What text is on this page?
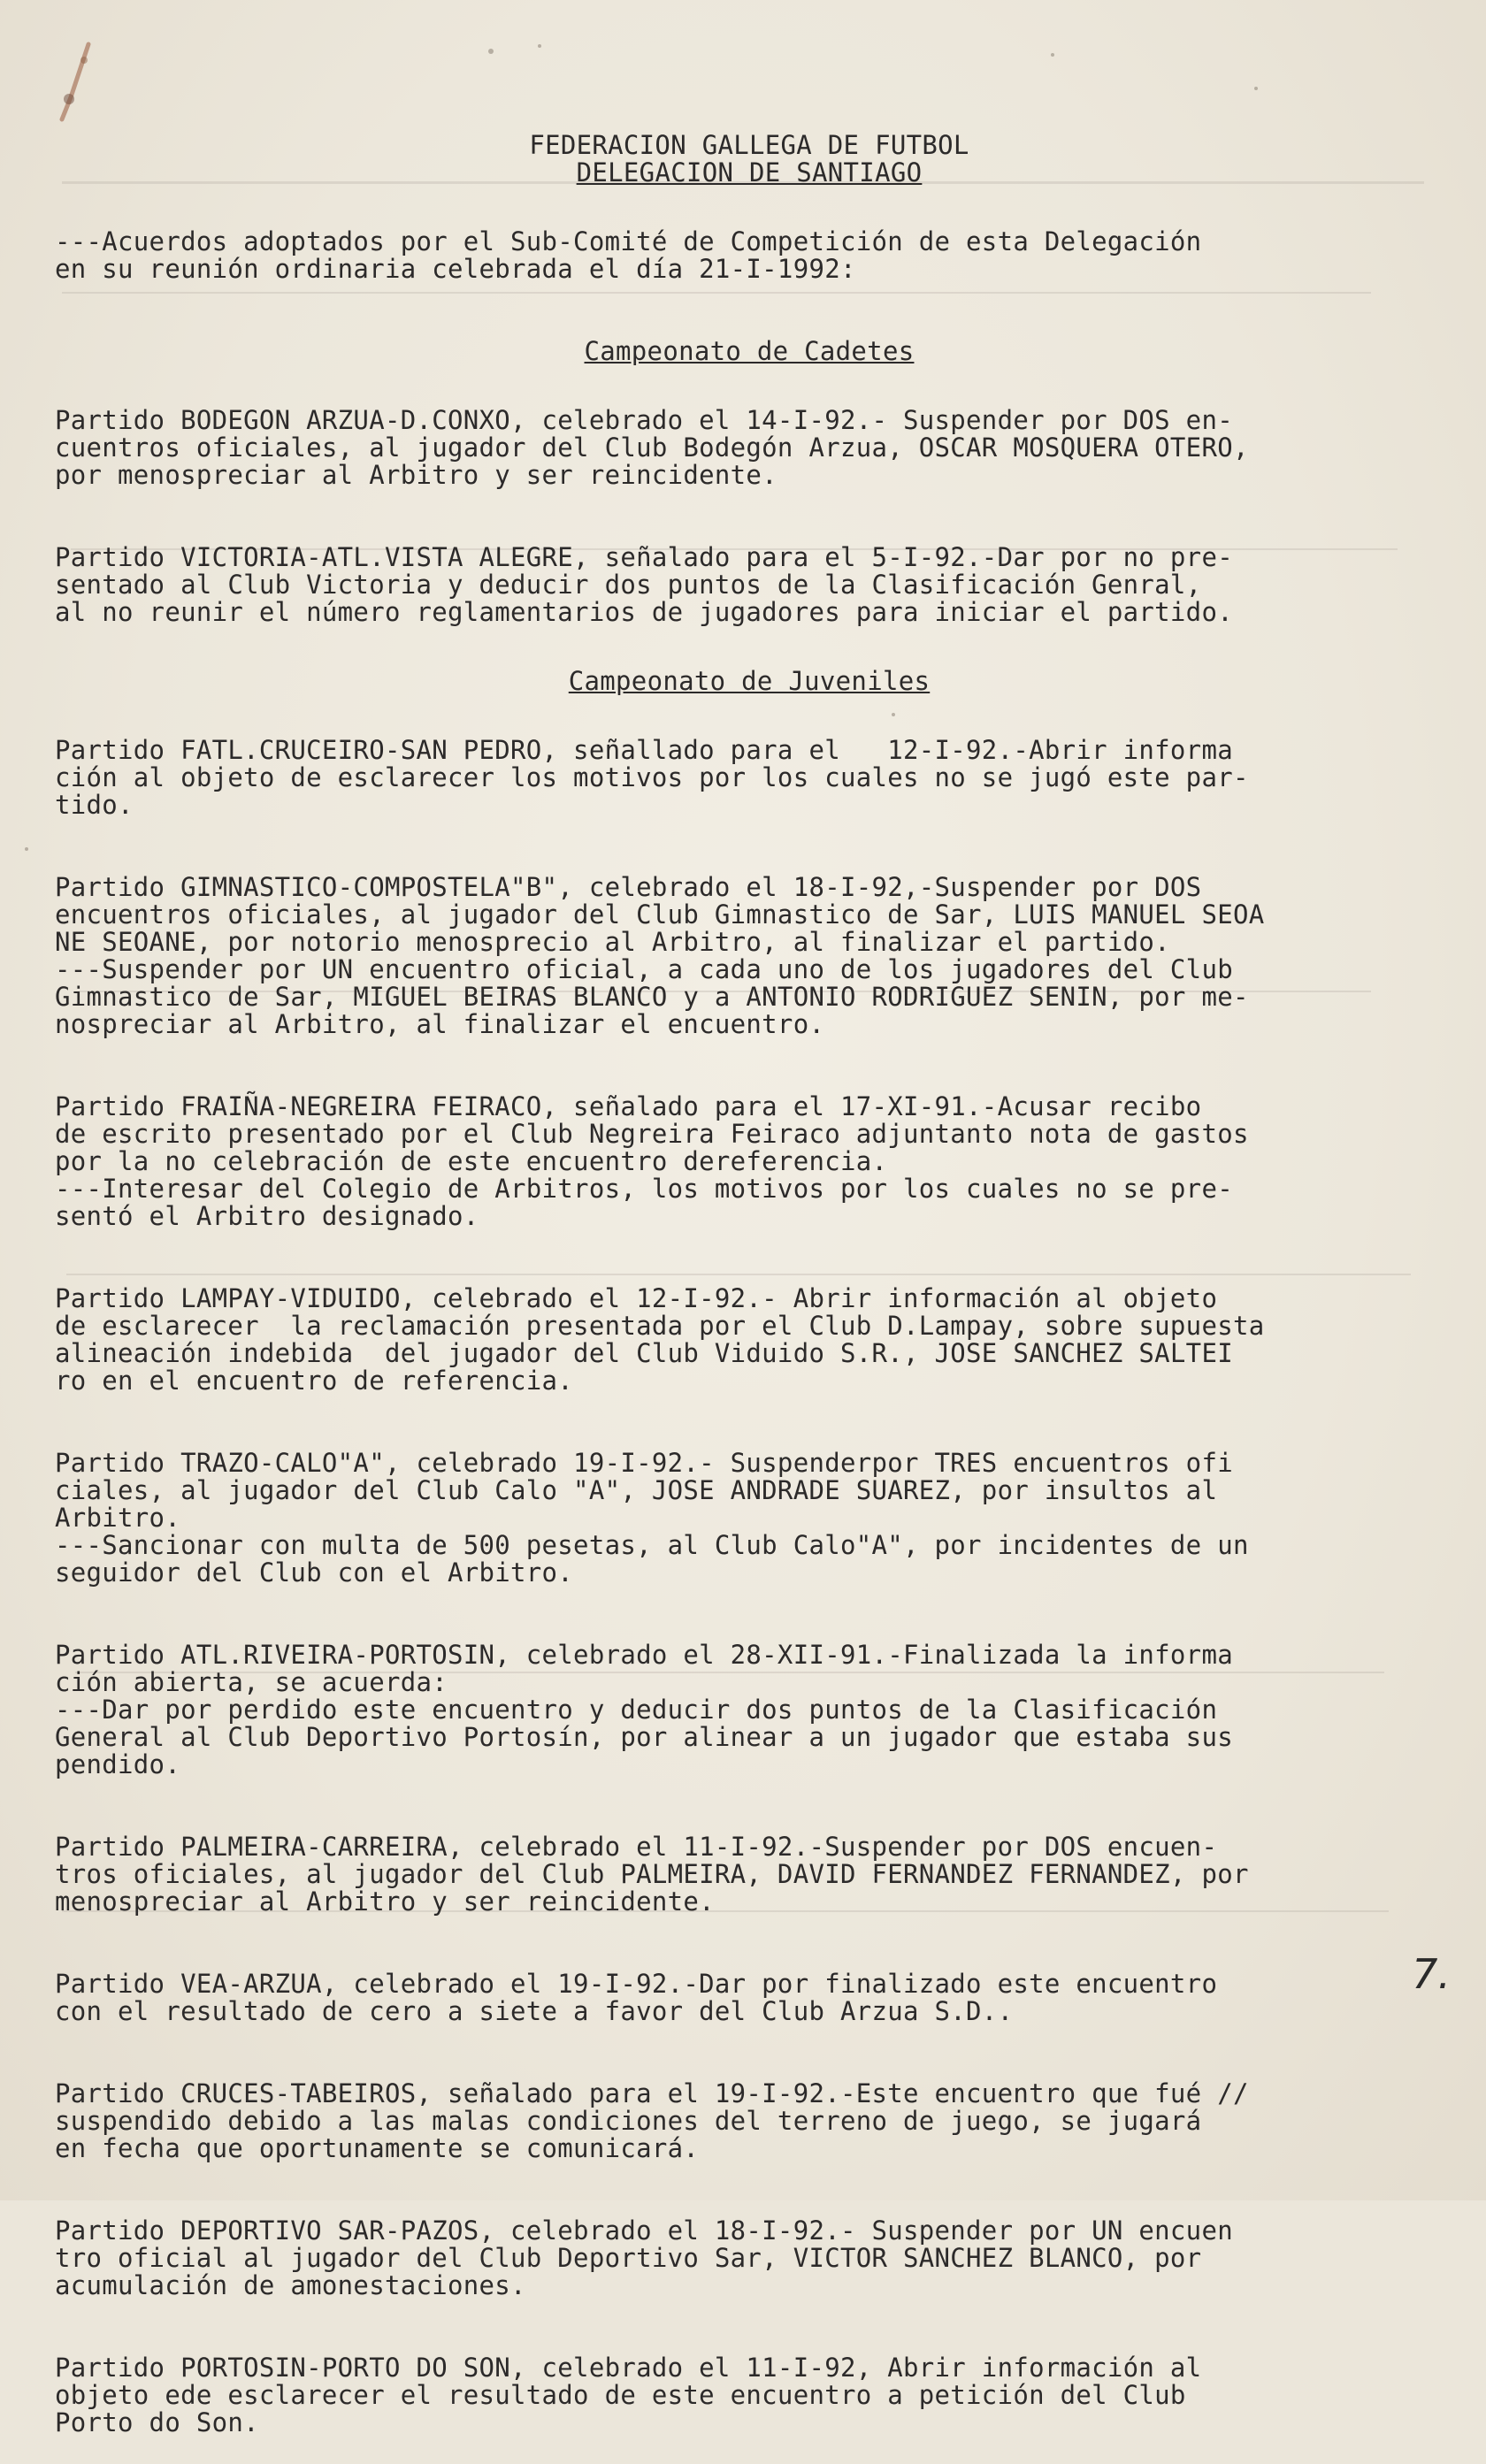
FEDERACION GALLEGA DE FUTBOL
DELEGACION DE SANTIAGO

---Acuerdos adoptados por el Sub-Comité de Competición de esta Delegación
en su reunión ordinaria celebrada el día 21-I-1992:

Campeonato de Cadetes

Partido BODEGON ARZUA-D.CONXO, celebrado el 14-I-92.- Suspender por DOS en-
cuentros oficiales, al jugador del Club Bodegón Arzua, OSCAR MOSQUERA OTERO,
por menospreciar al Arbitro y ser reincidente.

Partido VICTORIA-ATL.VISTA ALEGRE, señalado para el 5-I-92.-Dar por no pre-
sentado al Club Victoria y deducir dos puntos de la Clasificación Genral,
al no reunir el número reglamentarios de jugadores para iniciar el partido.

Campeonato de Juveniles

Partido FATL.CRUCEIRO-SAN PEDRO, señallado para el   12-I-92.-Abrir informa
ción al objeto de esclarecer los motivos por los cuales no se jugó este par-
tido.

Partido GIMNASTICO-COMPOSTELA"B", celebrado el 18-I-92,-Suspender por DOS
encuentros oficiales, al jugador del Club Gimnastico de Sar, LUIS MANUEL SEOA
NE SEOANE, por notorio menosprecio al Arbitro, al finalizar el partido.
---Suspender por UN encuentro oficial, a cada uno de los jugadores del Club
Gimnastico de Sar, MIGUEL BEIRAS BLANCO y a ANTONIO RODRIGUEZ SENIN, por me-
nospreciar al Arbitro, al finalizar el encuentro.

Partido FRAIÑA-NEGREIRA FEIRACO, señalado para el 17-XI-91.-Acusar recibo
de escrito presentado por el Club Negreira Feiraco adjuntanto nota de gastos
por la no celebración de este encuentro dereferencia.
---Interesar del Colegio de Arbitros, los motivos por los cuales no se pre-
sentó el Arbitro designado.

Partido LAMPAY-VIDUIDO, celebrado el 12-I-92.- Abrir información al objeto
de esclarecer  la reclamación presentada por el Club D.Lampay, sobre supuesta
alineación indebida  del jugador del Club Viduido S.R., JOSE SANCHEZ SALTEI
ro en el encuentro de referencia.

Partido TRAZO-CALO"A", celebrado 19-I-92.- Suspenderpor TRES encuentros ofi
ciales, al jugador del Club Calo "A", JOSE ANDRADE SUAREZ, por insultos al
Arbitro.
---Sancionar con multa de 500 pesetas, al Club Calo"A", por incidentes de un
seguidor del Club con el Arbitro.

Partido ATL.RIVEIRA-PORTOSIN, celebrado el 28-XII-91.-Finalizada la informa
ción abierta, se acuerda:
---Dar por perdido este encuentro y deducir dos puntos de la Clasificación
General al Club Deportivo Portosín, por alinear a un jugador que estaba sus
pendido.

Partido PALMEIRA-CARREIRA, celebrado el 11-I-92.-Suspender por DOS encuen-
tros oficiales, al jugador del Club PALMEIRA, DAVID FERNANDEZ FERNANDEZ, por
menospreciar al Arbitro y ser reincidente.

Partido VEA-ARZUA, celebrado el 19-I-92.-Dar por finalizado este encuentro
con el resultado de cero a siete a favor del Club Arzua S.D..

Partido CRUCES-TABEIROS, señalado para el 19-I-92.-Este encuentro que fué //
suspendido debido a las malas condiciones del terreno de juego, se jugará
en fecha que oportunamente se comunicará.

Partido DEPORTIVO SAR-PAZOS, celebrado el 18-I-92.- Suspender por UN encuen
tro oficial al jugador del Club Deportivo Sar, VICTOR SANCHEZ BLANCO, por
acumulación de amonestaciones.

Partido PORTOSIN-PORTO DO SON, celebrado el 11-I-92, Abrir información al
objeto ede esclarecer el resultado de este encuentro a petición del Club
Porto do Son.

7.
